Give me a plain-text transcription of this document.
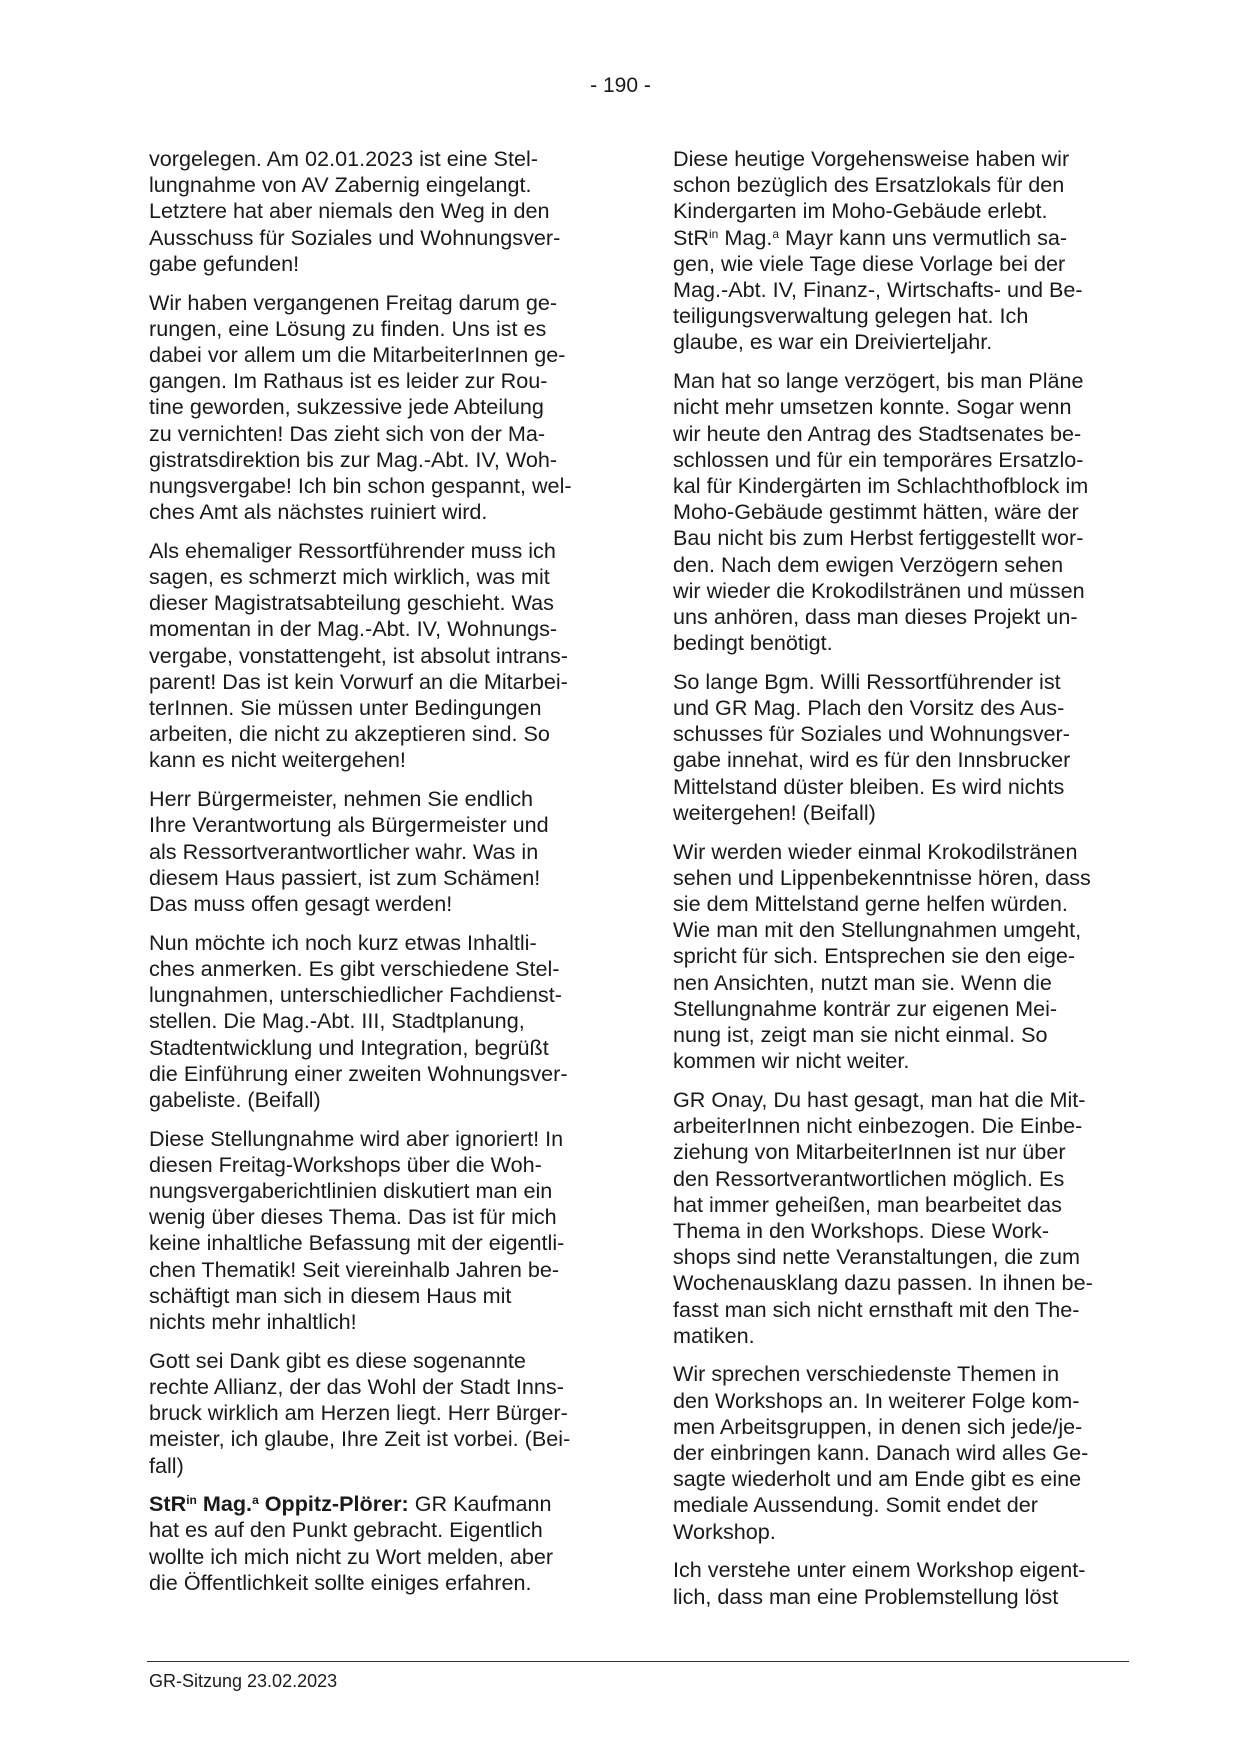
- 190 -
vorgelegen. Am 02.01.2023 ist eine Stel-
lungnahme von AV Zabernig eingelangt.
Letztere hat aber niemals den Weg in den
Ausschuss für Soziales und Wohnungsver-
gabe gefunden!
Wir haben vergangenen Freitag darum ge-
rungen, eine Lösung zu finden. Uns ist es
dabei vor allem um die MitarbeiterInnen ge-
gangen. Im Rathaus ist es leider zur Rou-
tine geworden, sukzessive jede Abteilung
zu vernichten! Das zieht sich von der Ma-
gistratsdirektion bis zur Mag.-Abt. IV, Woh-
nungsvergabe! Ich bin schon gespannt, wel-
ches Amt als nächstes ruiniert wird.
Als ehemaliger Ressortführender muss ich
sagen, es schmerzt mich wirklich, was mit
dieser Magistratsabteilung geschieht. Was
momentan in der Mag.-Abt. IV, Wohnungs-
vergabe, vonstattengeht, ist absolut intrans-
parent! Das ist kein Vorwurf an die Mitarbei-
terInnen. Sie müssen unter Bedingungen
arbeiten, die nicht zu akzeptieren sind. So
kann es nicht weitergehen!
Herr Bürgermeister, nehmen Sie endlich
Ihre Verantwortung als Bürgermeister und
als Ressortverantwortlicher wahr. Was in
diesem Haus passiert, ist zum Schämen!
Das muss offen gesagt werden!
Nun möchte ich noch kurz etwas Inhaltli-
ches anmerken. Es gibt verschiedene Stel-
lungnahmen, unterschiedlicher Fachdienst-
stellen. Die Mag.-Abt. III, Stadtplanung,
Stadtentwicklung und Integration, begrüßt
die Einführung einer zweiten Wohnungsver-
gabeliste. (Beifall)
Diese Stellungnahme wird aber ignoriert! In
diesen Freitag-Workshops über die Woh-
nungsvergaberichtlinien diskutiert man ein
wenig über dieses Thema. Das ist für mich
keine inhaltliche Befassung mit der eigentli-
chen Thematik! Seit viereinhalb Jahren be-
schäftigt man sich in diesem Haus mit
nichts mehr inhaltlich!
Gott sei Dank gibt es diese sogenannte
rechte Allianz, der das Wohl der Stadt Inns-
bruck wirklich am Herzen liegt. Herr Bürger-
meister, ich glaube, Ihre Zeit ist vorbei. (Bei-
fall)
StR$^{in}$ Mag.$^a$ Oppitz-Plörer: GR Kaufmann
hat es auf den Punkt gebracht. Eigentlich
wollte ich mich nicht zu Wort melden, aber
die Öffentlichkeit sollte einiges erfahren.
Diese heutige Vorgehensweise haben wir
schon bezüglich des Ersatzlokals für den
Kindergarten im Moho-Gebäude erlebt.
StR$^{in}$ Mag.$^a$ Mayr kann uns vermutlich sa-
gen, wie viele Tage diese Vorlage bei der
Mag.-Abt. IV, Finanz-, Wirtschafts- und Be-
teiligungsverwaltung gelegen hat. Ich
glaube, es war ein Dreivierteljahr.
Man hat so lange verzögert, bis man Pläne
nicht mehr umsetzen konnte. Sogar wenn
wir heute den Antrag des Stadtsenates be-
schlossen und für ein temporäres Ersatzlo-
kal für Kindergärten im Schlachthofblock im
Moho-Gebäude gestimmt hätten, wäre der
Bau nicht bis zum Herbst fertiggestellt wor-
den. Nach dem ewigen Verzögern sehen
wir wieder die Krokodilstränen und müssen
uns anhören, dass man dieses Projekt un-
bedingt benötigt.
So lange Bgm. Willi Ressortführender ist
und GR Mag. Plach den Vorsitz des Aus-
schusses für Soziales und Wohnungsver-
gabe innehat, wird es für den Innsbrucker
Mittelstand düster bleiben. Es wird nichts
weitergehen! (Beifall)
Wir werden wieder einmal Krokodilstränen
sehen und Lippenbekenntnisse hören, dass
sie dem Mittelstand gerne helfen würden.
Wie man mit den Stellungnahmen umgeht,
spricht für sich. Entsprechen sie den eige-
nen Ansichten, nutzt man sie. Wenn die
Stellungnahme konträr zur eigenen Mei-
nung ist, zeigt man sie nicht einmal. So
kommen wir nicht weiter.
GR Onay, Du hast gesagt, man hat die Mit-
arbeiterInnen nicht einbezogen. Die Einbe-
ziehung von MitarbeiterInnen ist nur über
den Ressortverantwortlichen möglich. Es
hat immer geheißen, man bearbeitet das
Thema in den Workshops. Diese Work-
shops sind nette Veranstaltungen, die zum
Wochenausklang dazu passen. In ihnen be-
fasst man sich nicht ernsthaft mit den The-
matiken.
Wir sprechen verschiedenste Themen in
den Workshops an. In weiterer Folge kom-
men Arbeitsgruppen, in denen sich jede/je-
der einbringen kann. Danach wird alles Ge-
sagte wiederholt und am Ende gibt es eine
mediale Aussendung. Somit endet der
Workshop.
Ich verstehe unter einem Workshop eigent-
lich, dass man eine Problemstellung löst
GR-Sitzung 23.02.2023
